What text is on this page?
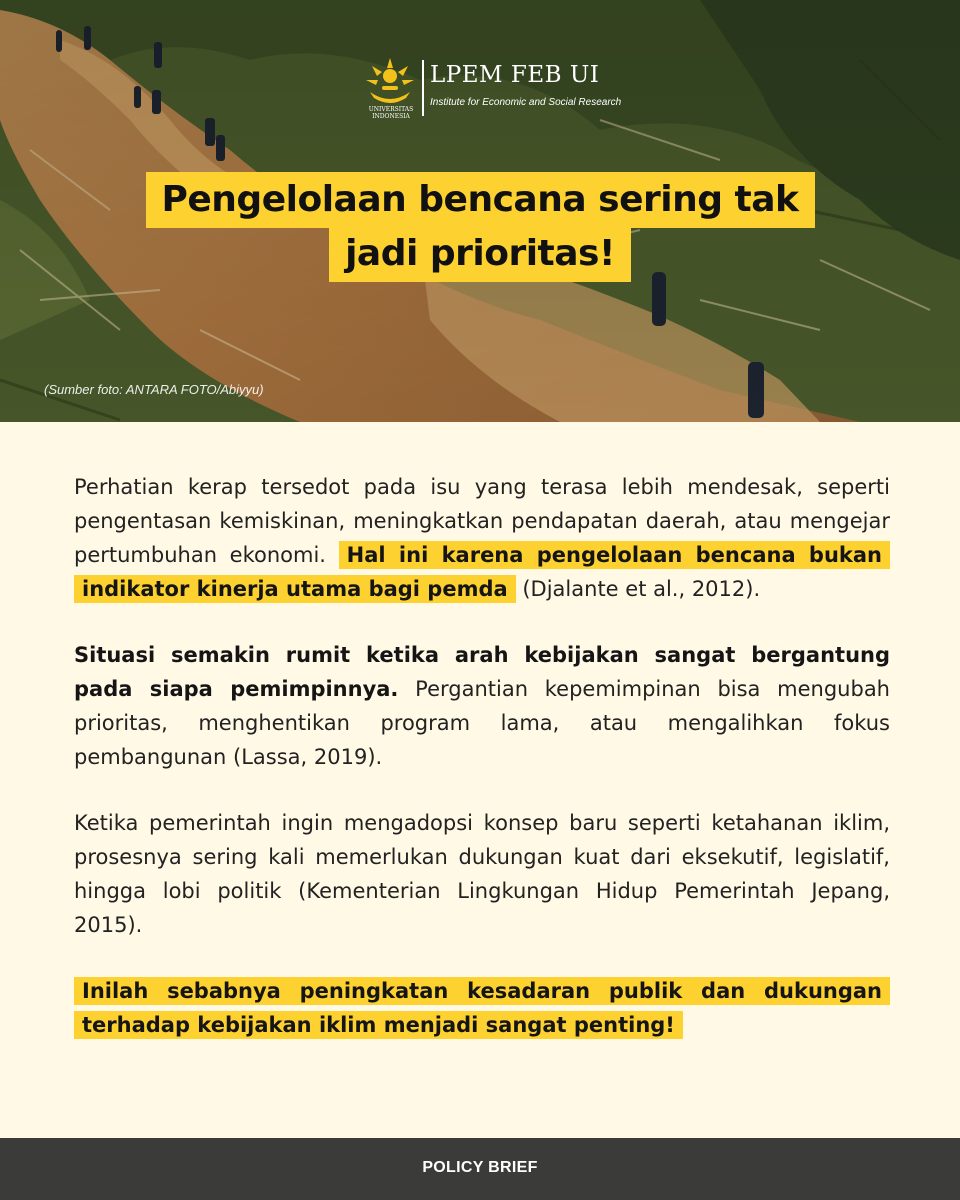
UNIVERSITAS INDONESIA
LPEM FEB UI
Institute for Economic and Social Research
Pengelolaan bencana sering tak
jadi prioritas!
(Sumber foto: ANTARA FOTO/Abiyyu)

Perhatian kerap tersedot pada isu yang terasa lebih mendesak, seperti pengentasan kemiskinan, meningkatkan pendapatan daerah, atau mengejar pertumbuhan ekonomi. Hal ini karena pengelolaan bencana bukan indikator kinerja utama bagi pemda (Djalante et al., 2012).

Situasi semakin rumit ketika arah kebijakan sangat bergantung pada siapa pemimpinnya. Pergantian kepemimpinan bisa mengubah prioritas, menghentikan program lama, atau mengalihkan fokus pembangunan (Lassa, 2019).

Ketika pemerintah ingin mengadopsi konsep baru seperti ketahanan iklim, prosesnya sering kali memerlukan dukungan kuat dari eksekutif, legislatif, hingga lobi politik (Kementerian Lingkungan Hidup Pemerintah Jepang, 2015).

Inilah sebabnya peningkatan kesadaran publik dan dukungan terhadap kebijakan iklim menjadi sangat penting!

POLICY BRIEF
